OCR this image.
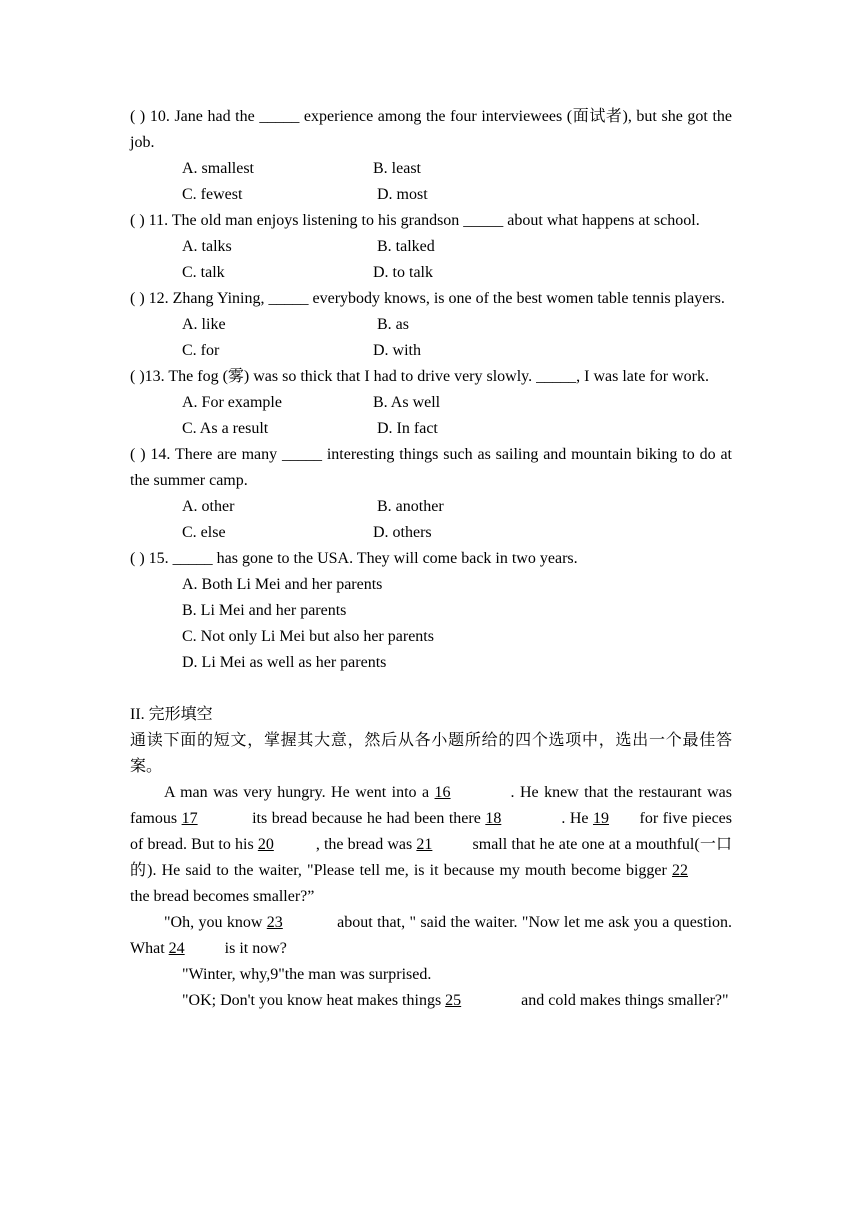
( ) 10. Jane had the _____ experience among the four interviewees (面试者), but she got the job.

A. smallest	B. least
C. fewest	D. most

( ) 11. The old man enjoys listening to his grandson _____ about what happens at school.

A. talks	B. talked
C. talk	D. to talk

( ) 12. Zhang Yining, _____ everybody knows, is one of the best women table tennis players.

A. like	B. as
C. for	D. with

( )13. The fog (雾) was so thick that I had to drive very slowly. _____, I was late for work.

A. For example	B. As well
C. As a result	D. In fact

( ) 14. There are many _____ interesting things such as sailing and mountain biking to do at the summer camp.

A. other	B. another
C. else	D. others

( ) 15. _____ has gone to the USA. They will come back in two years.

A. Both Li Mei and her parents

B. Li Mei and her parents

C. Not only Li Mei but also her parents

D. Li Mei as well as her parents

II. 完形填空

通读下面的短文，掌握其大意，然后从各小题所给的四个选项中，选出一个最佳答案。

A man was very hungry. He went into a 16	. He knew that the restaurant was famous 17	its bread because he had been there 18	. He 19 for five pieces of bread. But to his 20	, the bread was 21 small that he ate one at a mouthful(一口的). He said to the waiter, "Please tell me, is it because my mouth become bigger 22 the bread becomes smaller?”

"Oh, you know 23	about that, " said the waiter. "Now let me ask you a question. What 24 is it now?

"Winter, why,9"the man was surprised.

"OK; Don't you know heat makes things 25	and cold makes things smaller?"
